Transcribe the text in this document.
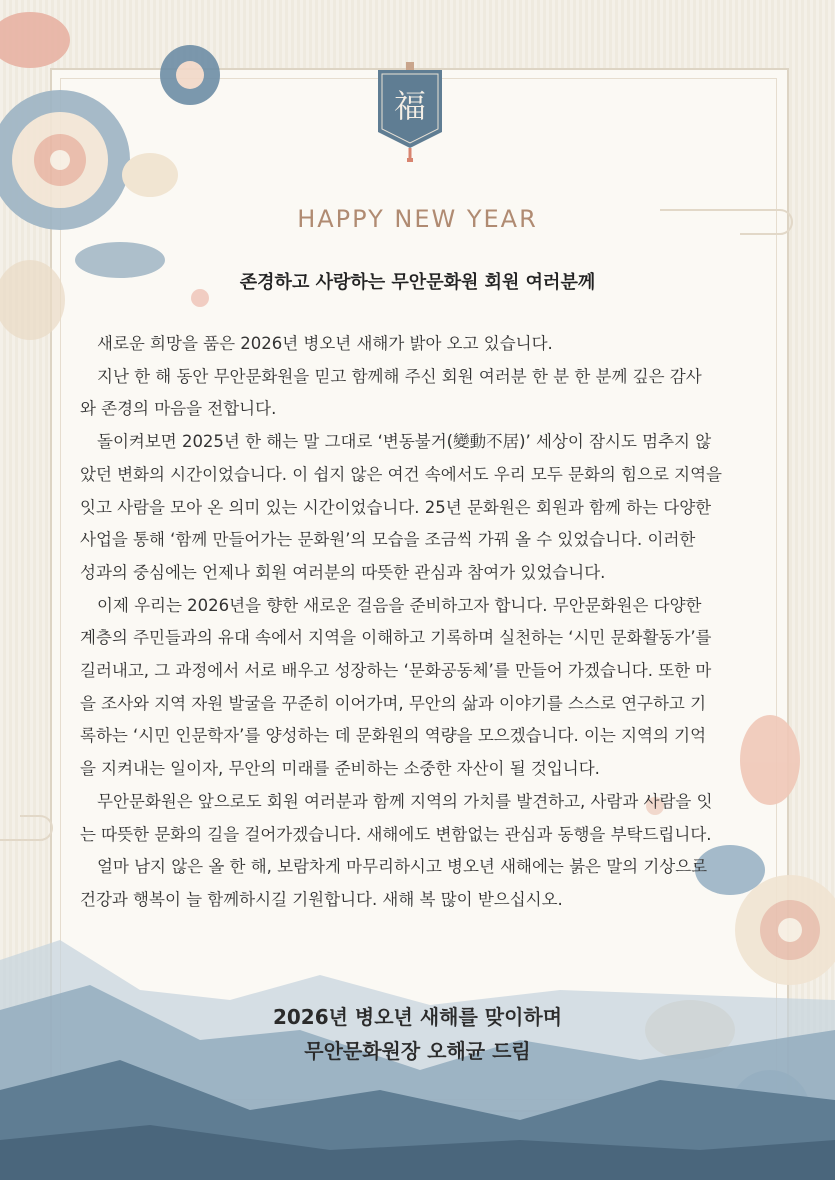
福
HAPPY NEW YEAR
존경하고 사랑하는 무안문화원 회원 여러분께
새로운 희망을 품은 2026년 병오년 새해가 밝아 오고 있습니다.
지난 한 해 동안 무안문화원을 믿고 함께해 주신 회원 여러분 한 분 한 분께 깊은 감사
와 존경의 마음을 전합니다.
돌이켜보면 2025년 한 해는 말 그대로 ‘변동불거(變動不居)’ 세상이 잠시도 멈추지 않
았던 변화의 시간이었습니다. 이 쉽지 않은 여건 속에서도 우리 모두 문화의 힘으로 지역을
잇고 사람을 모아 온 의미 있는 시간이었습니다. 25년 문화원은 회원과 함께 하는 다양한
사업을 통해 ‘함께 만들어가는 문화원’의 모습을 조금씩 가꿔 올 수 있었습니다. 이러한
성과의 중심에는 언제나 회원 여러분의 따뜻한 관심과 참여가 있었습니다.
이제 우리는 2026년을 향한 새로운 걸음을 준비하고자 합니다. 무안문화원은 다양한
계층의 주민들과의 유대 속에서 지역을 이해하고 기록하며 실천하는 ‘시민 문화활동가’를
길러내고, 그 과정에서 서로 배우고 성장하는 ‘문화공동체’를 만들어 가겠습니다. 또한 마
을 조사와 지역 자원 발굴을 꾸준히 이어가며, 무안의 삶과 이야기를 스스로 연구하고 기
록하는 ‘시민 인문학자’를 양성하는 데 문화원의 역량을 모으겠습니다. 이는 지역의 기억
을 지켜내는 일이자, 무안의 미래를 준비하는 소중한 자산이 될 것입니다.
무안문화원은 앞으로도 회원 여러분과 함께 지역의 가치를 발견하고, 사람과 사람을 잇
는 따뜻한 문화의 길을 걸어가겠습니다. 새해에도 변함없는 관심과 동행을 부탁드립니다.
얼마 남지 않은 올 한 해, 보람차게 마무리하시고 병오년 새해에는 붉은 말의 기상으로
건강과 행복이 늘 함께하시길 기원합니다. 새해 복 많이 받으십시오.
2026년 병오년 새해를 맞이하며
무안문화원장 오해균 드림
